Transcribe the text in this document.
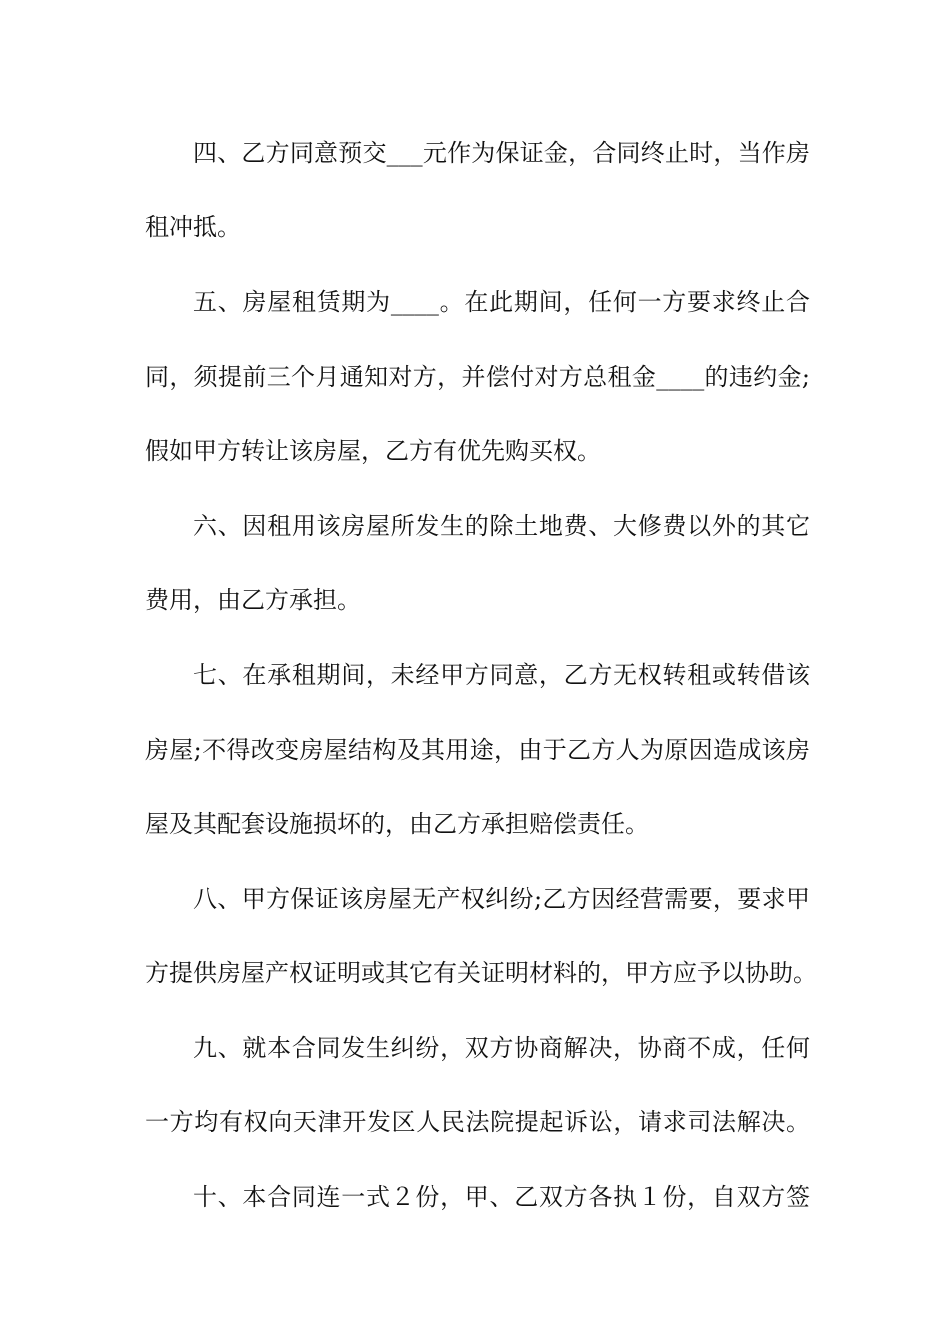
四、乙方同意预交___元作为保证金，合同终止时，当作房
租冲抵。
五、房屋租赁期为____。在此期间，任何一方要求终止合
同，须提前三个月通知对方，并偿付对方总租金____的违约金;
假如甲方转让该房屋，乙方有优先购买权。
六、因租用该房屋所发生的除土地费、大修费以外的其它
费用，由乙方承担。
七、在承租期间，未经甲方同意，乙方无权转租或转借该
房屋;不得改变房屋结构及其用途，由于乙方人为原因造成该房
屋及其配套设施损坏的，由乙方承担赔偿责任。
八、甲方保证该房屋无产权纠纷;乙方因经营需要，要求甲
方提供房屋产权证明或其它有关证明材料的，甲方应予以协助。
九、就本合同发生纠纷，双方协商解决，协商不成，任何
一方均有权向天津开发区人民法院提起诉讼，请求司法解决。
十、本合同连一式２份，甲、乙双方各执１份，自双方签
